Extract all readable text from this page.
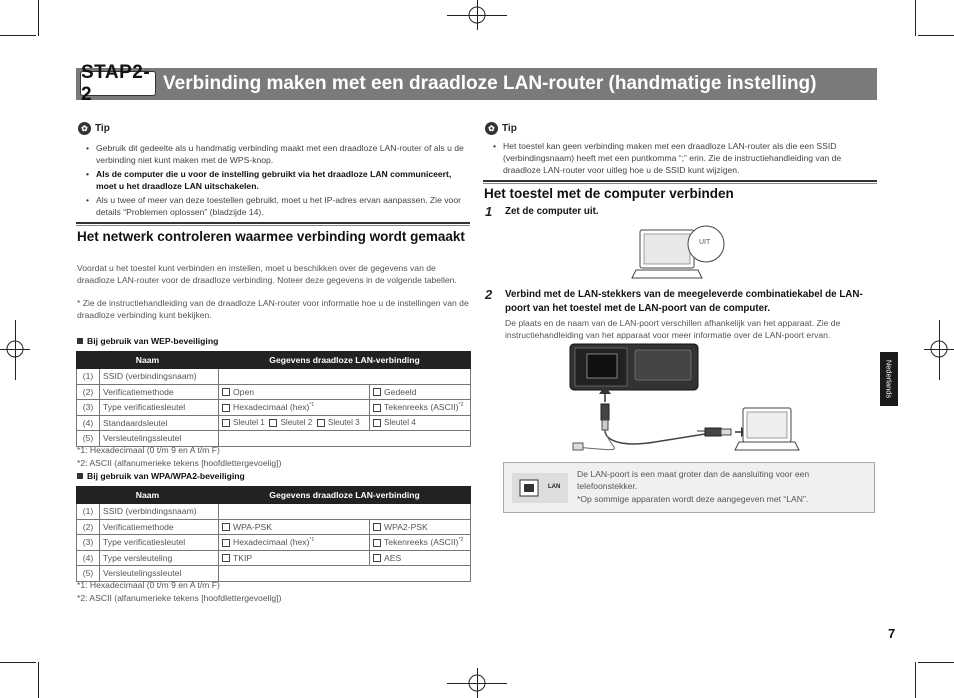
STAP2-2	Verbinding maken met een draadloze LAN-router (handmatige instelling)
✿ Tip
• Gebruik dit gedeelte als u handmatig verbinding maakt met een draadloze LAN-router of als u de verbinding niet kunt maken met de WPS-knop.
• Als de computer die u voor de instelling gebruikt via het draadloze LAN communiceert, moet u het draadloze LAN uitschakelen.
• Als u twee of meer van deze toestellen gebruikt, moet u het IP-adres ervan aanpassen. Zie voor details “Problemen oplossen” (bladzijde 14).
Het netwerk controleren waarmee verbinding wordt gemaakt
Voordat u het toestel kunt verbinden en instellen, moet u beschikken over de gegevens van de draadloze LAN-router voor de draadloze verbinding. Noteer deze gegevens in de volgende tabellen.
* Zie de instructiehandleiding van de draadloze LAN-router voor informatie hoe u de instellingen van de draadloze verbinding kunt bekijken.
Bij gebruik van WEP-beveiliging
Naam		Gegevens draadloze LAN-verbinding	
(1)	SSID (verbindingsnaam)		
(2)	Verificatiemethode	Open	Gedeeld
(3)	Type verificatiesleutel	Hexadecimaal (hex)$^{*1}$	Tekenreeks (ASCII)$^{*2}$
(4)	Standaardsleutel	Sleutel 1 Sleutel 2 Sleutel 3	Sleutel 4
(5)	Versleutelingssleutel		
*1: Hexadecimaal (0 t/m 9 en A t/m F)
*2: ASCII (alfanumerieke tekens [hoofdlettergevoelig])
Bij gebruik van WPA/WPA2-beveiliging
Naam		Gegevens draadloze LAN-verbinding	
(1)	SSID (verbindingsnaam)		
(2)	Verificatiemethode	WPA-PSK	WPA2-PSK
(3)	Type verificatiesleutel	Hexadecimaal (hex)$^{*1}$	Tekenreeks (ASCII)$^{*2}$
(4)	Type versleuteling	TKIP	AES
(5)	Versleutelingssleutel		
*1: Hexadecimaal (0 t/m 9 en A t/m F)
*2: ASCII (alfanumerieke tekens [hoofdlettergevoelig])
✿ Tip
• Het toestel kan geen verbinding maken met een draadloze LAN-router als die een SSID (verbindingsnaam) heeft met een puntkomma “;” erin. Zie de instructiehandleiding van de draadloze LAN-router voor uitleg hoe u de SSID kunt wijzigen.
Het toestel met de computer verbinden
1 Zet de computer uit.
UIT
2 Verbind met de LAN-stekkers van de meegeleverde combinatiekabel de LAN-poort van het toestel met de LAN-poort van de computer.
De plaats en de naam van de LAN-poort verschillen afhankelijk van het apparaat. Zie de instructiehandleiding van het apparaat voor meer informatie over de LAN-poort ervan.
LAN
De LAN-poort is een maat groter dan de aansluiting voor een telefoonstekker.
*Op sommige apparaten wordt deze aangegeven met “LAN”.
Nederlands
7
